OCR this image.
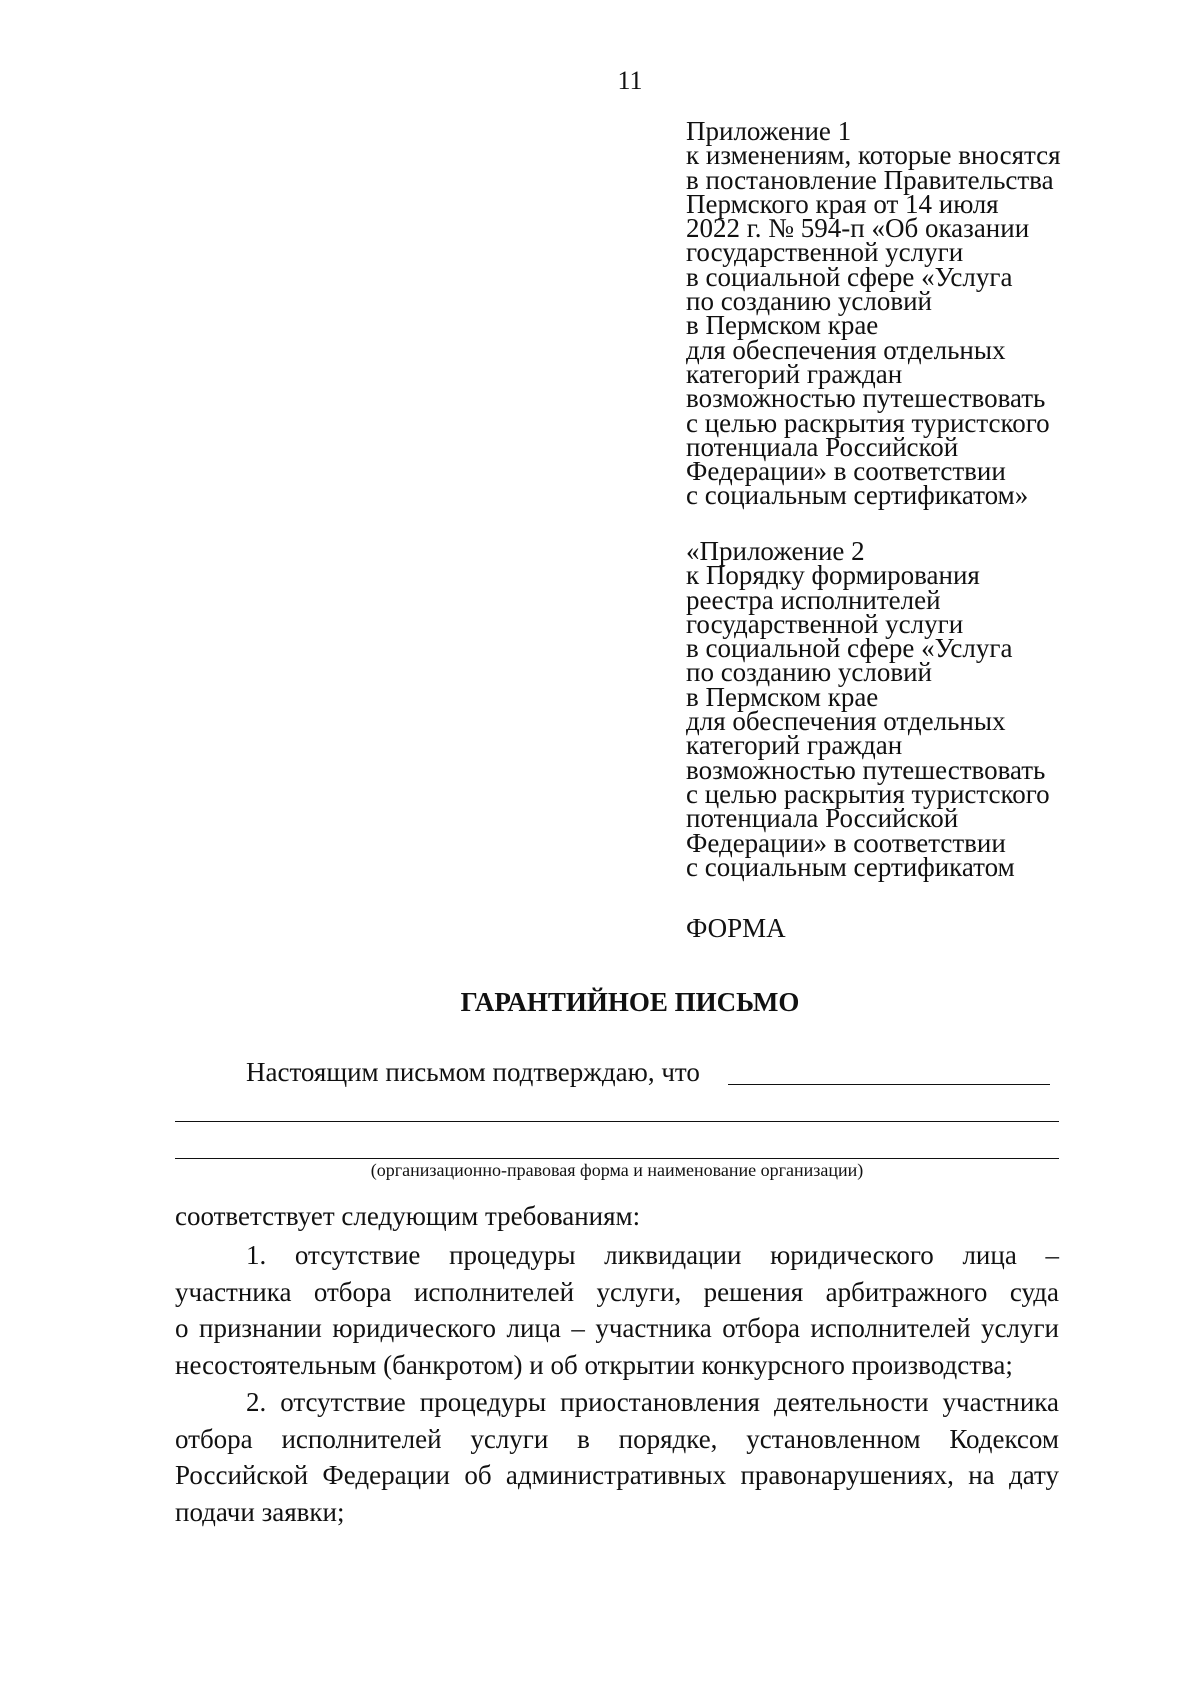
11
Приложение 1
к изменениям, которые вносятся
в постановление Правительства
Пермского края от 14 июля
2022 г. № 594-п «Об оказании
государственной услуги
в социальной сфере «Услуга
по созданию условий
в Пермском крае
для обеспечения отдельных
категорий граждан
возможностью путешествовать
с целью раскрытия туристского
потенциала Российской
Федерации» в соответствии
с социальным сертификатом»
«Приложение 2
к Порядку формирования
реестра исполнителей
государственной услуги
в социальной сфере «Услуга
по созданию условий
в Пермском крае
для обеспечения отдельных
категорий граждан
возможностью путешествовать
с целью раскрытия туристского
потенциала Российской
Федерации» в соответствии
с социальным сертификатом
ФОРМА
ГАРАНТИЙНОЕ ПИСЬМО
Настоящим письмом подтверждаю, что
(организационно-правовая форма и наименование организации)
соответствует следующим требованиям:
1. отсутствие процедуры ликвидации юридического лица –
участника отбора исполнителей услуги, решения арбитражного суда
о признании юридического лица – участника отбора исполнителей услуги
несостоятельным (банкротом) и об открытии конкурсного производства;
2. отсутствие процедуры приостановления деятельности участника
отбора исполнителей услуги в порядке, установленном Кодексом
Российской Федерации об административных правонарушениях, на дату
подачи заявки;
